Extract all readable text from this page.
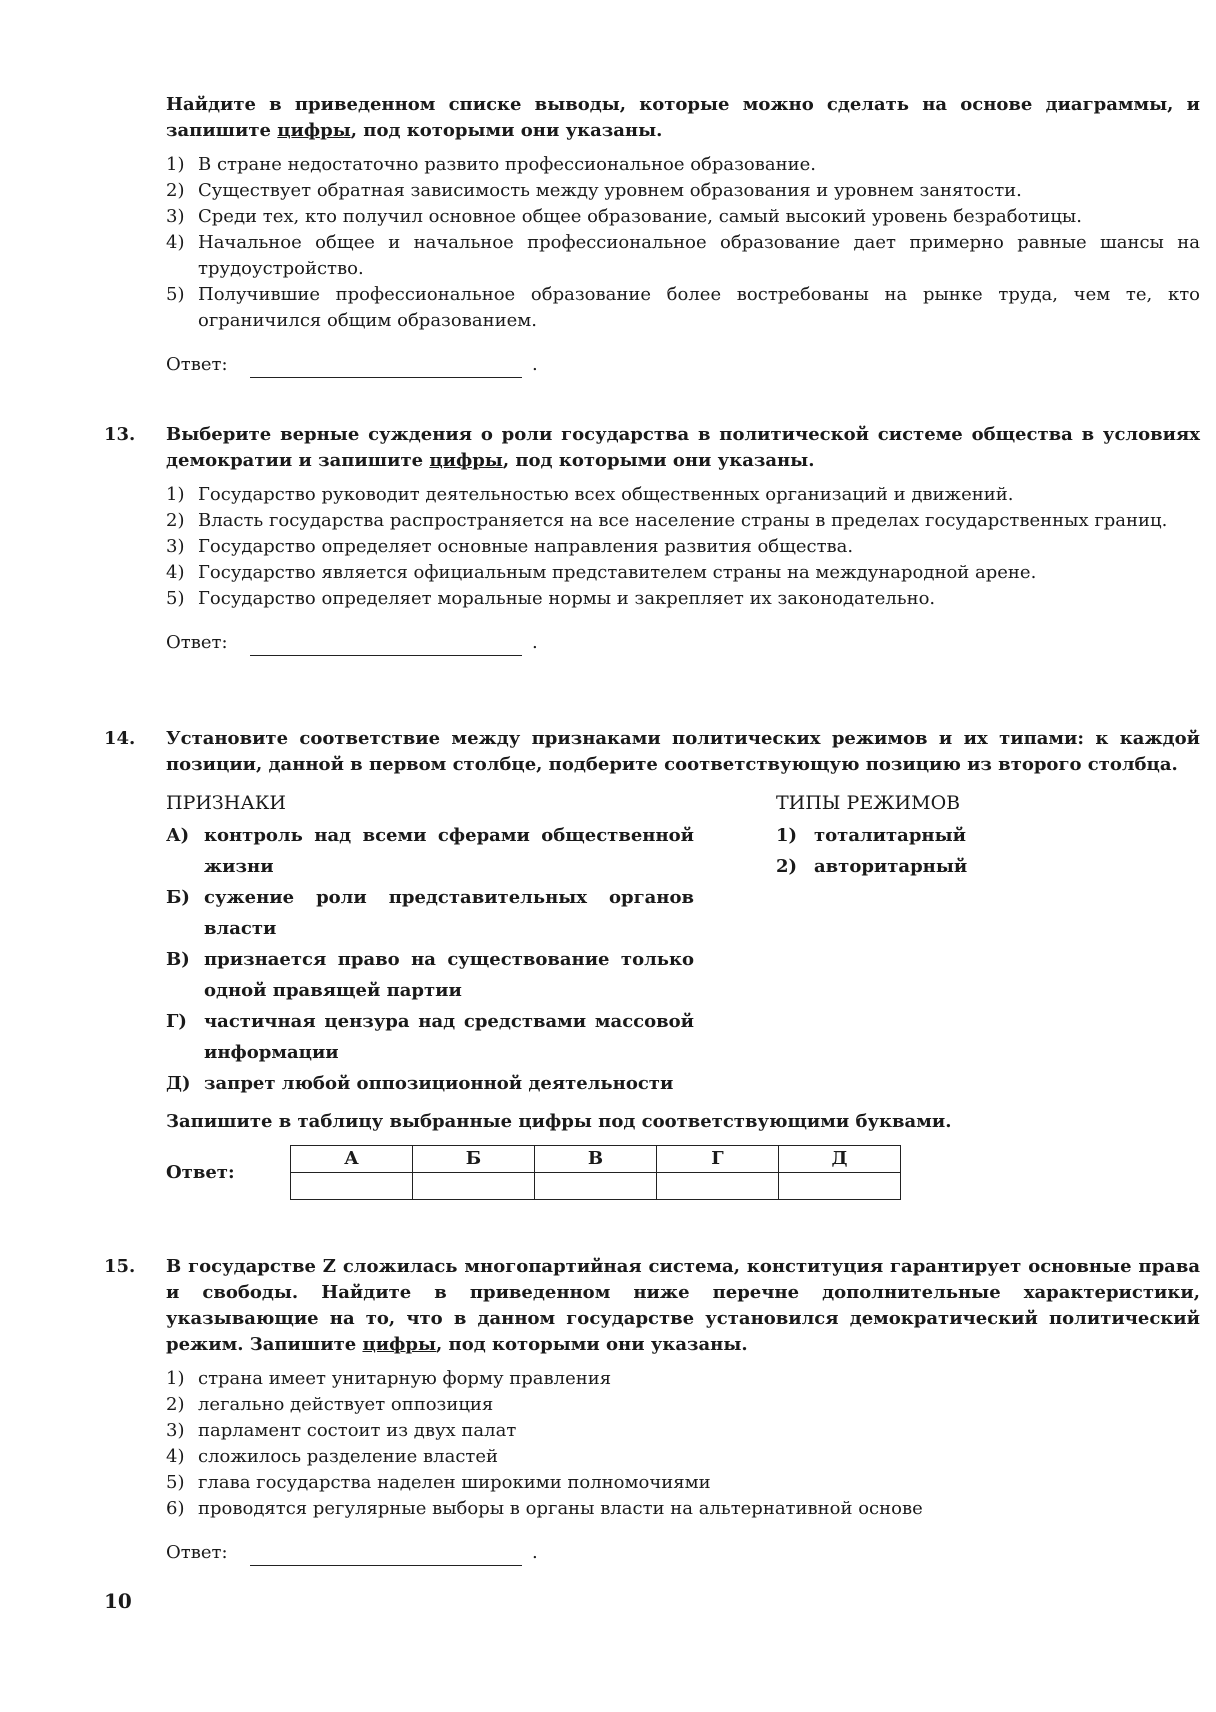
Найдите в приведенном списке выводы, которые можно сделать на основе диаграммы, и запишите цифры, под которыми они указаны.

1) В стране недостаточно развито профессиональное образование.
2) Существует обратная зависимость между уровнем образования и уровнем занятости.
3) Среди тех, кто получил основное общее образование, самый высокий уровень безработицы.
4) Начальное общее и начальное профессиональное образование дает примерно равные шансы на трудоустройство.
5) Получившие профессиональное образование более востребованы на рынке труда, чем те, кто ограничился общим образованием.
Ответ:	.
13. Выберите верные суждения о роли государства в политической системе общества в условиях демократии и запишите цифры, под которыми они указаны.

1) Государство руководит деятельностью всех общественных организаций и движений.
2) Власть государства распространяется на все население страны в пределах государственных границ.
3) Государство определяет основные направления развития общества.
4) Государство является официальным представителем страны на международной арене.
5) Государство определяет моральные нормы и закрепляет их законодательно.
Ответ:	.
14. Установите соответствие между признаками политических режимов и их типами: к каждой позиции, данной в первом столбце, подберите соответствующую позицию из второго столбца.

ПРИЗНАКИ
А) контроль над всеми сферами общественной жизни
Б) сужение роли представительных органов власти
В) признается право на существование только одной правящей партии
Г) частичная цензура над средствами массовой информации
Д) запрет любой оппозиционной деятельности
ТИПЫ РЕЖИМОВ
1) тоталитарный
2) авторитарный

Запишите в таблицу выбранные цифры под соответствующими буквами.

Ответ:
А	Б	В	Г	Д

15. В государстве Z сложилась многопартийная система, конституция гарантирует основные права и свободы. Найдите в приведенном ниже перечне дополнительные характеристики, указывающие на то, что в данном государстве установился демократический политический режим. Запишите цифры, под которыми они указаны.

1) страна имеет унитарную форму правления
2) легально действует оппозиция
3) парламент состоит из двух палат
4) сложилось разделение властей
5) глава государства наделен широкими полномочиями
6) проводятся регулярные выборы в органы власти на альтернативной основе
Ответ:	.
10
